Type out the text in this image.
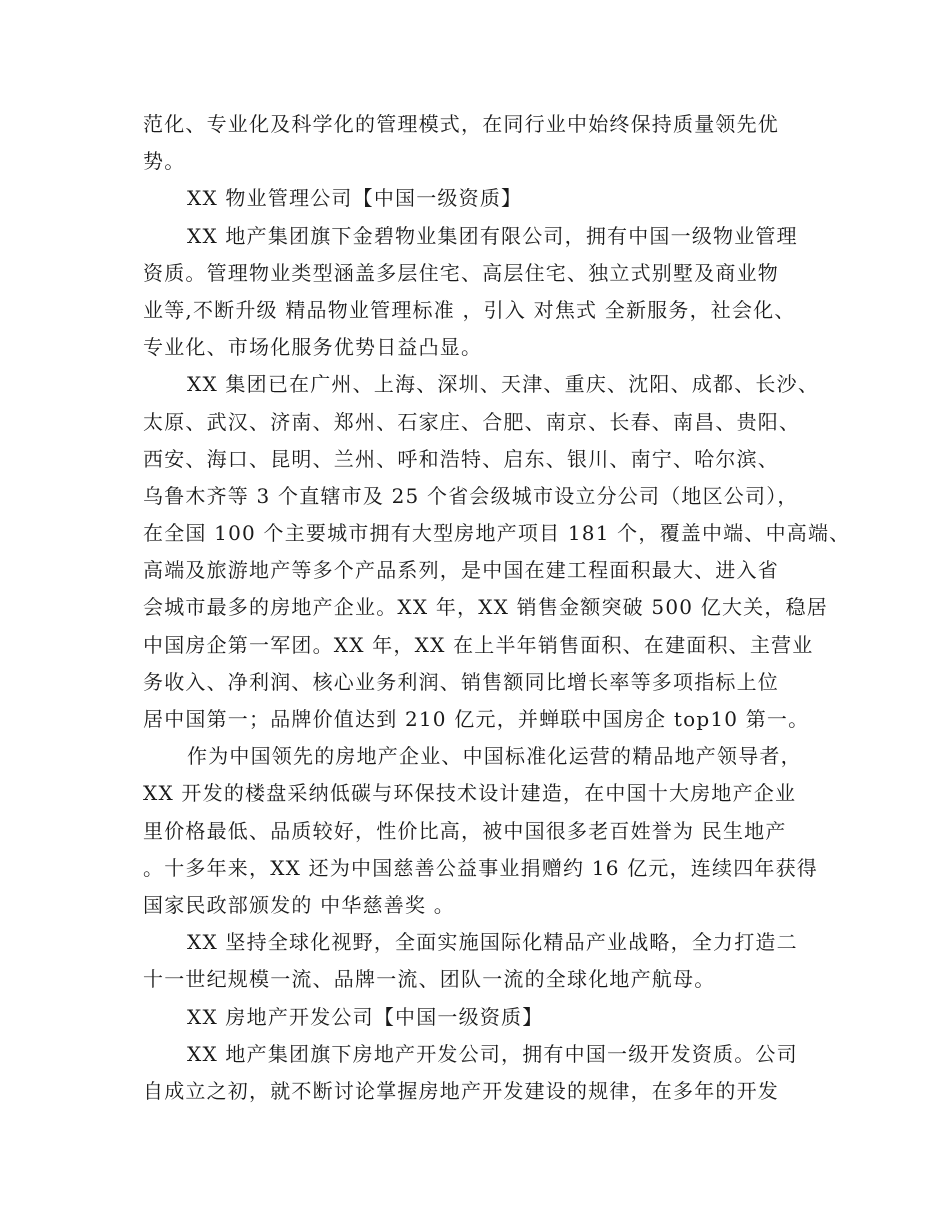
范化、专业化及科学化的管理模式，在同行业中始终保持质量领先优
势。
XX 物业管理公司【中国一级资质】
XX 地产集团旗下金碧物业集团有限公司，拥有中国一级物业管理
资质。管理物业类型涵盖多层住宅、高层住宅、独立式别墅及商业物
业等,不断升级 精品物业管理标准 ，引入 对焦式 全新服务，社会化、
专业化、市场化服务优势日益凸显。
XX 集团已在广州、上海、深圳、天津、重庆、沈阳、成都、长沙、
太原、武汉、济南、郑州、石家庄、合肥、南京、长春、南昌、贵阳、
西安、海口、昆明、兰州、呼和浩特、启东、银川、南宁、哈尔滨、
乌鲁木齐等 3 个直辖市及 25 个省会级城市设立分公司（地区公司），
在全国 100 个主要城市拥有大型房地产项目 181 个，覆盖中端、中高端、
高端及旅游地产等多个产品系列，是中国在建工程面积最大、进入省
会城市最多的房地产企业。XX 年，XX 销售金额突破 500 亿大关，稳居
中国房企第一军团。XX 年，XX 在上半年销售面积、在建面积、主营业
务收入、净利润、核心业务利润、销售额同比增长率等多项指标上位
居中国第一；品牌价值达到 210 亿元，并蝉联中国房企 top10 第一。
作为中国领先的房地产企业、中国标准化运营的精品地产领导者，
XX 开发的楼盘采纳低碳与环保技术设计建造，在中国十大房地产企业
里价格最低、品质较好，性价比高，被中国很多老百姓誉为 民生地产
。十多年来，XX 还为中国慈善公益事业捐赠约 16 亿元，连续四年获得
国家民政部颁发的 中华慈善奖 。
XX 坚持全球化视野，全面实施国际化精品产业战略，全力打造二
十一世纪规模一流、品牌一流、团队一流的全球化地产航母。
XX 房地产开发公司【中国一级资质】
XX 地产集团旗下房地产开发公司，拥有中国一级开发资质。公司
自成立之初，就不断讨论掌握房地产开发建设的规律，在多年的开发
